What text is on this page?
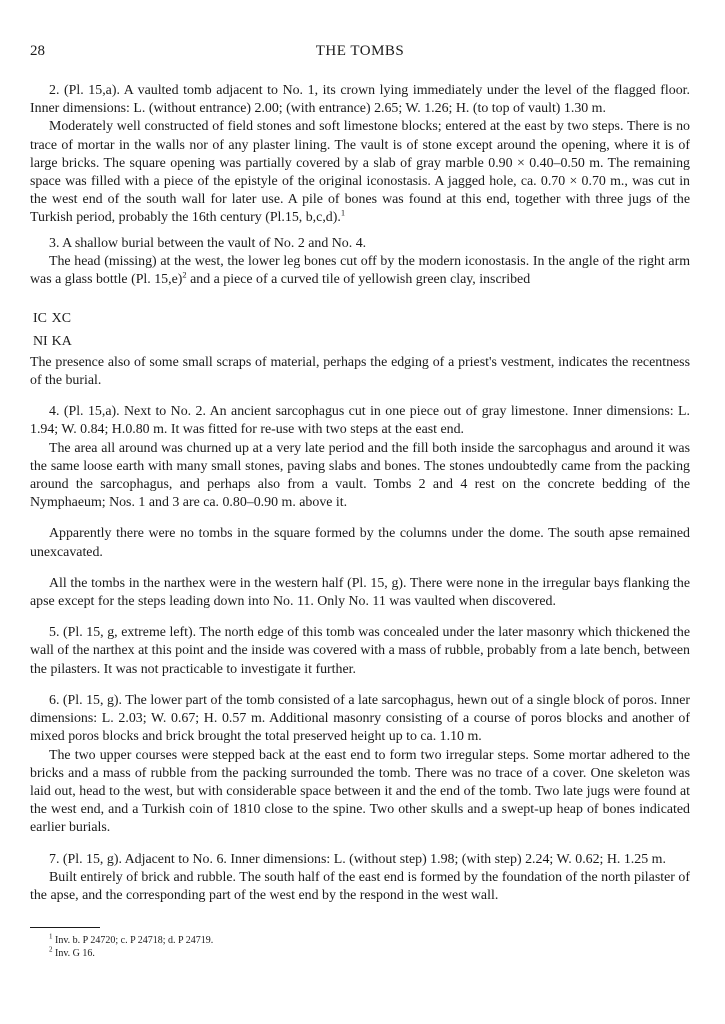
28	THE TOMBS

2. (Pl. 15,a). A vaulted tomb adjacent to No. 1, its crown lying immediately under the level of the flagged floor. Inner dimensions: L. (without entrance) 2.00; (with entrance) 2.65; W. 1.26; H. (to top of vault) 1.30 m.

Moderately well constructed of field stones and soft limestone blocks; entered at the east by two steps. There is no trace of mortar in the walls nor of any plaster lining. The vault is of stone except around the opening, where it is of large bricks. The square opening was partially covered by a slab of gray marble 0.90 × 0.40–0.50 m. The remaining space was filled with a piece of the epistyle of the original iconostasis. A jagged hole, ca. 0.70 × 0.70 m., was cut in the west end of the south wall for later use. A pile of bones was found at this end, together with three jugs of the Turkish period, probably the 16th century (Pl.15, b,c,d).$^1$

3. A shallow burial between the vault of No. 2 and No. 4.

The head (missing) at the west, the lower leg bones cut off by the modern iconostasis. In the angle of the right arm was a glass bottle (Pl. 15,e)$^2$ and a piece of a curved tile of yellowish green clay, inscribed

IC	XC
NI	KA
The presence also of some small scraps of material, perhaps the edging of a priest's vestment, indicates the recentness of the burial.

4. (Pl. 15,a). Next to No. 2. An ancient sarcophagus cut in one piece out of gray limestone. Inner dimensions: L. 1.94; W. 0.84; H.0.80 m. It was fitted for re-use with two steps at the east end.

The area all around was churned up at a very late period and the fill both inside the sarcophagus and around it was the same loose earth with many small stones, paving slabs and bones. The stones undoubtedly came from the packing around the sarcophagus, and perhaps also from a vault. Tombs 2 and 4 rest on the concrete bedding of the Nymphaeum; Nos. 1 and 3 are ca. 0.80–0.90 m. above it.

Apparently there were no tombs in the square formed by the columns under the dome. The south apse remained unexcavated.

All the tombs in the narthex were in the western half (Pl. 15, g). There were none in the irregular bays flanking the apse except for the steps leading down into No. 11. Only No. 11 was vaulted when discovered.

5. (Pl. 15, g, extreme left). The north edge of this tomb was concealed under the later masonry which thickened the wall of the narthex at this point and the inside was covered with a mass of rubble, probably from a late bench, between the pilasters. It was not practicable to investigate it further.

6. (Pl. 15, g). The lower part of the tomb consisted of a late sarcophagus, hewn out of a single block of poros. Inner dimensions: L. 2.03; W. 0.67; H. 0.57 m. Additional masonry consisting of a course of poros blocks and another of mixed poros blocks and brick brought the total preserved height up to ca. 1.10 m.

The two upper courses were stepped back at the east end to form two irregular steps. Some mortar adhered to the bricks and a mass of rubble from the packing surrounded the tomb. There was no trace of a cover. One skeleton was laid out, head to the west, but with considerable space between it and the end of the tomb. Two late jugs were found at the west end, and a Turkish coin of 1810 close to the spine. Two other skulls and a swept-up heap of bones indicated earlier burials.

7. (Pl. 15, g). Adjacent to No. 6. Inner dimensions: L. (without step) 1.98; (with step) 2.24; W. 0.62; H. 1.25 m.

Built entirely of brick and rubble. The south half of the east end is formed by the foundation of the north pilaster of the apse, and the corresponding part of the west end by the respond in the west wall.

$^1$ Inv. b. P 24720; c. P 24718; d. P 24719.
$^2$ Inv. G 16.
